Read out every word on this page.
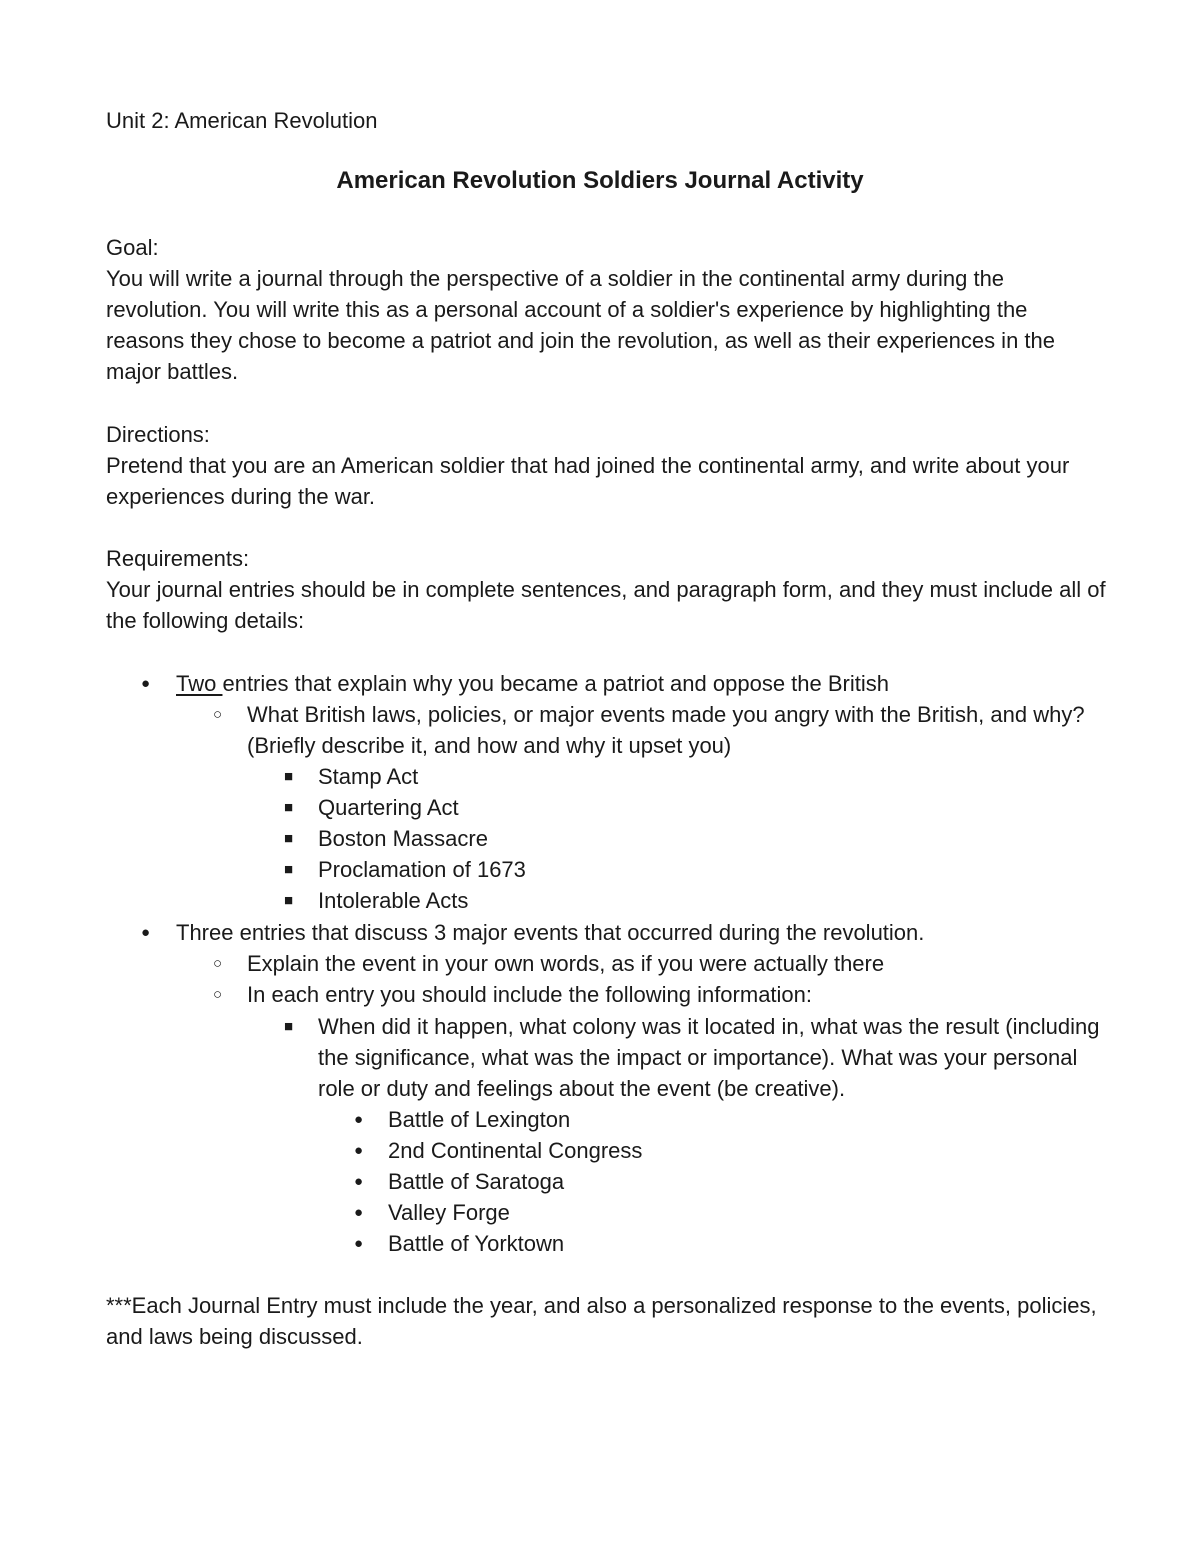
Unit 2: American Revolution

American Revolution Soldiers Journal Activity

Goal:

You will write a journal through the perspective of a soldier in the continental army during the revolution. You will write this as a personal account of a soldier's experience by highlighting the reasons they chose to become a patriot and join the revolution, as well as their experiences in the major battles.

Directions:

Pretend that you are an American soldier that had joined the continental army, and write about your experiences during the war.

Requirements:

Your journal entries should be in complete sentences, and paragraph form, and they must include all of the following details:

● Two entries that explain why you became a patriot and oppose the British

○ What British laws, policies, or major events made you angry with the British, and why? (Briefly describe it, and how and why it upset you)

■ Stamp Act

■ Quartering Act

■ Boston Massacre

■ Proclamation of 1673

■ Intolerable Acts

● Three entries that discuss 3 major events that occurred during the revolution.

○ Explain the event in your own words, as if you were actually there

○ In each entry you should include the following information:

■ When did it happen, what colony was it located in, what was the result (including the significance, what was the impact or importance). What was your personal role or duty and feelings about the event (be creative).

● Battle of Lexington

● 2nd Continental Congress

● Battle of Saratoga

● Valley Forge

● Battle of Yorktown

***Each Journal Entry must include the year, and also a personalized response to the events, policies, and laws being discussed.
